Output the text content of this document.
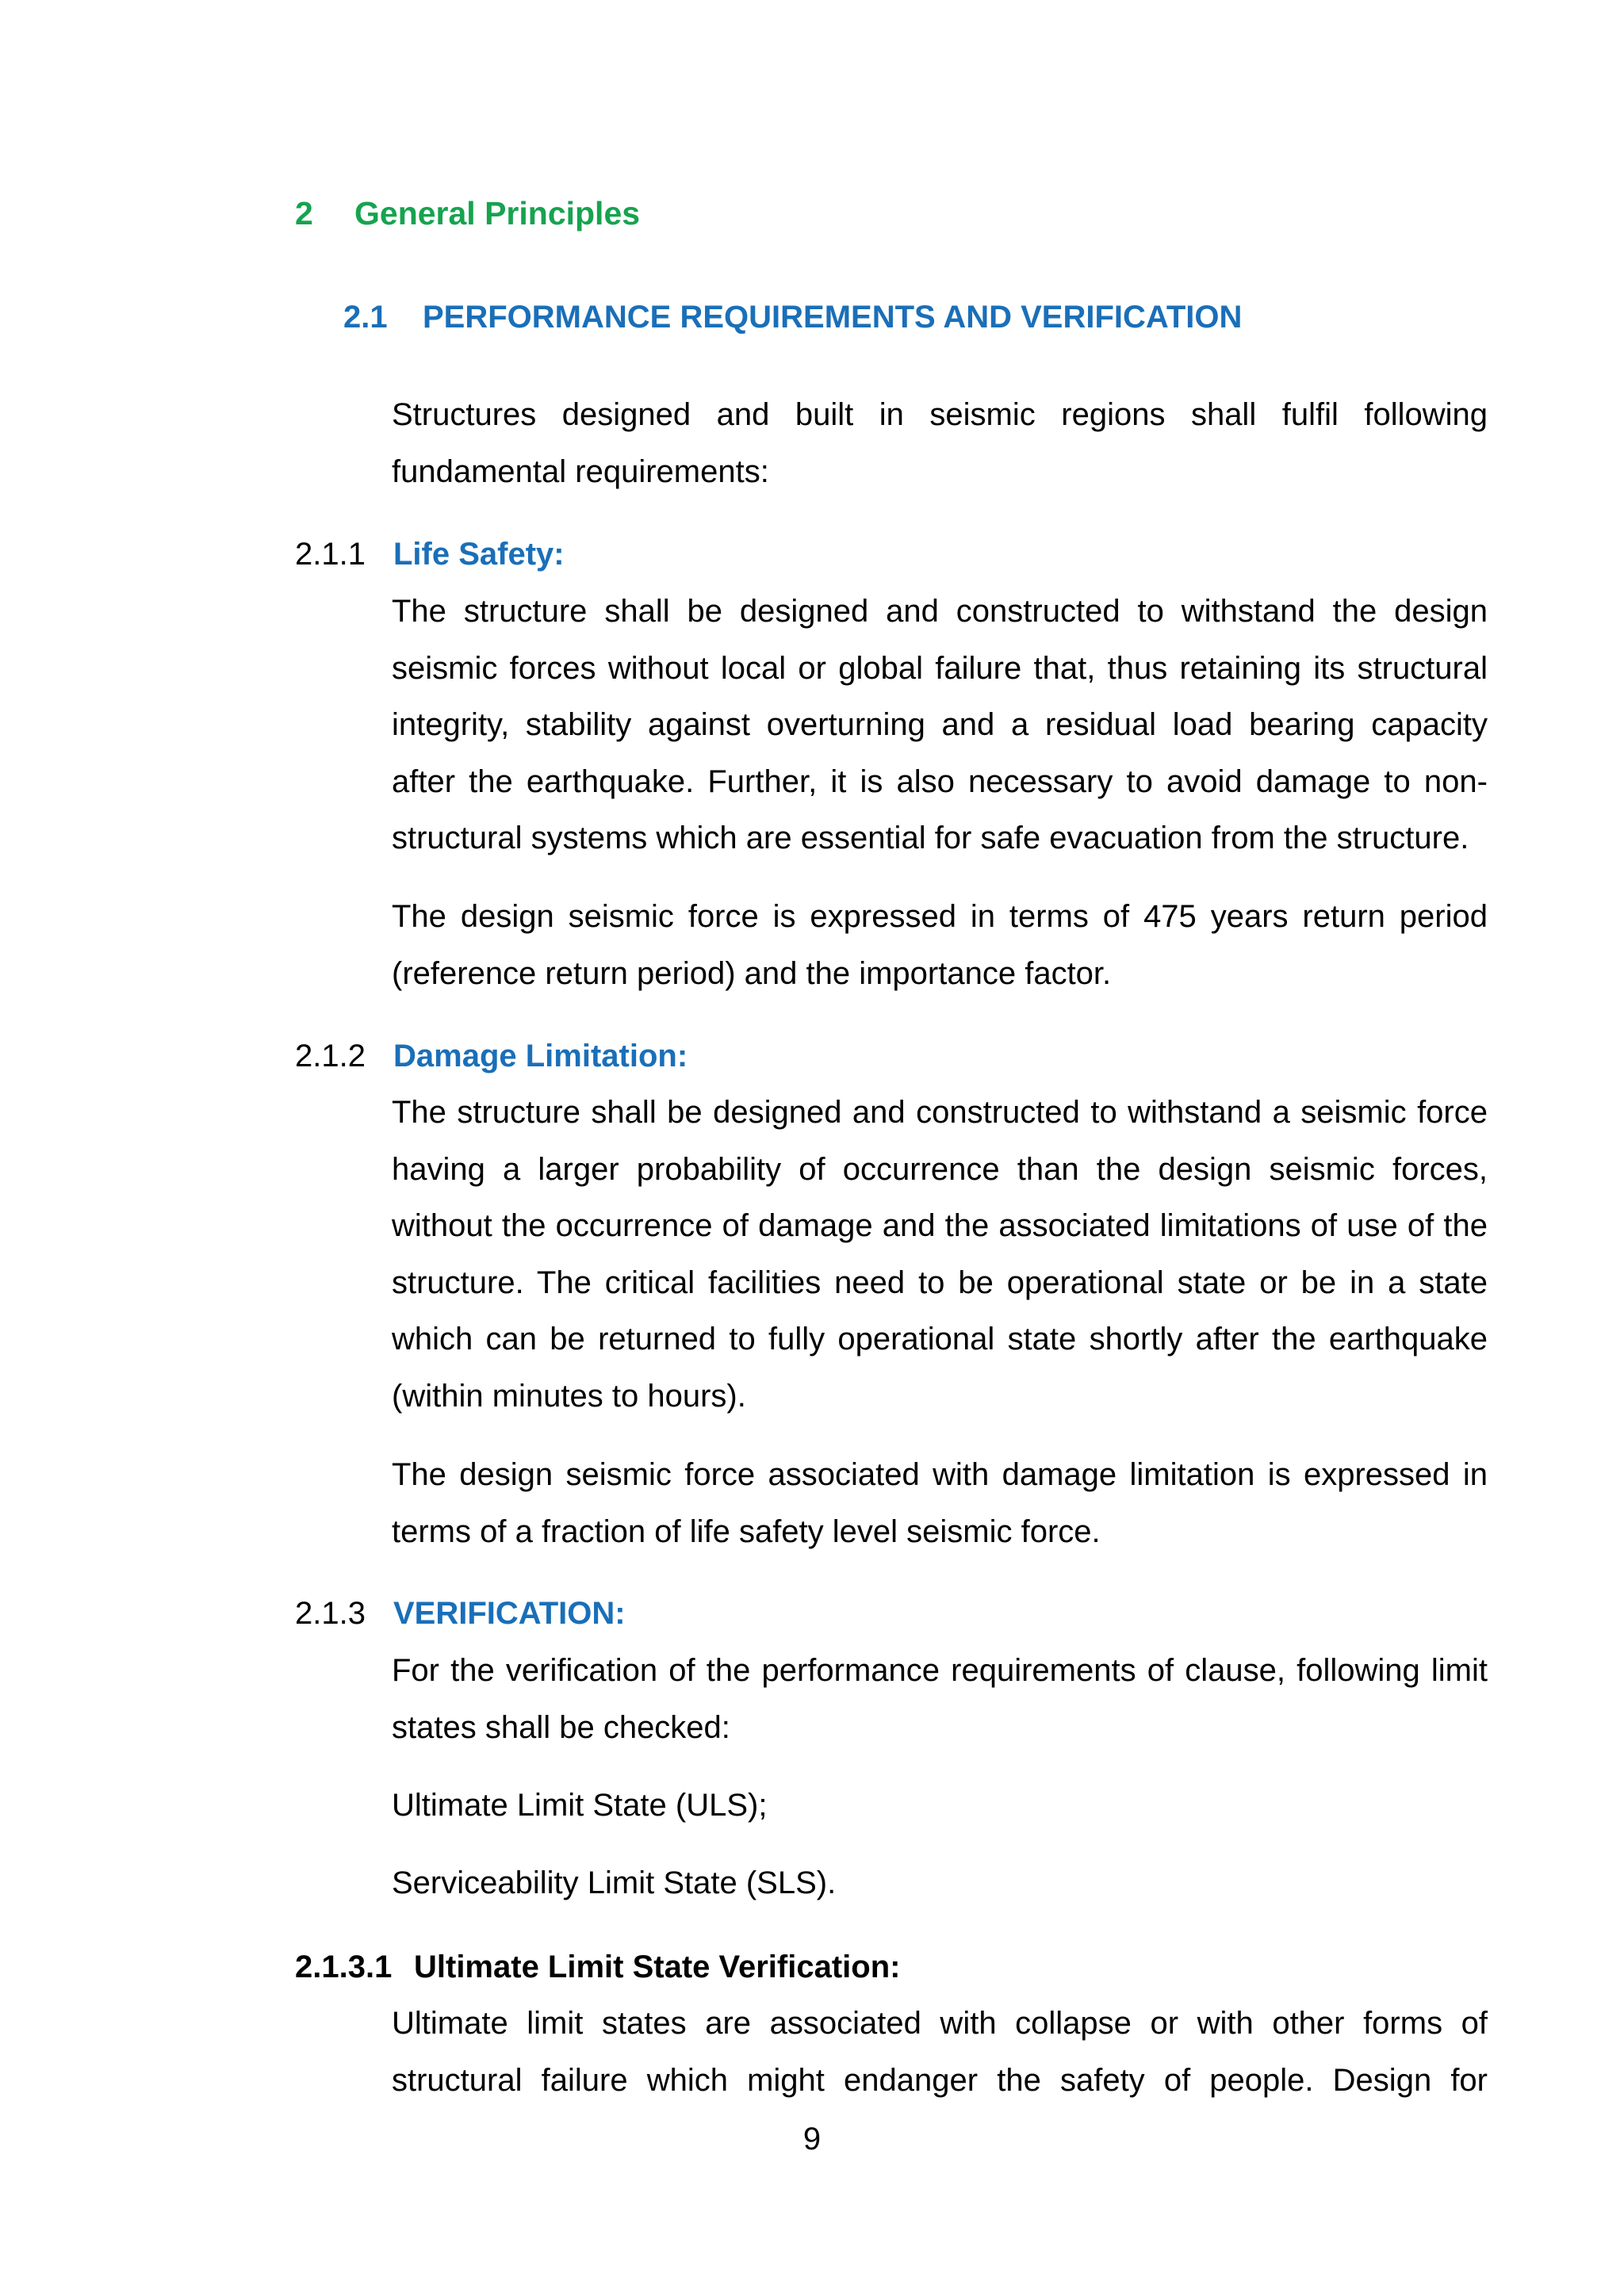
2 General Principles
2.1 PERFORMANCE REQUIREMENTS AND VERIFICATION
Structures designed and built in seismic regions shall fulfil following fundamental requirements:
2.1.1 Life Safety:
The structure shall be designed and constructed to withstand the design seismic forces without local or global failure that, thus retaining its structural integrity, stability against overturning and a residual load bearing capacity after the earthquake. Further, it is also necessary to avoid damage to non-structural systems which are essential for safe evacuation from the structure.
The design seismic force is expressed in terms of 475 years return period (reference return period) and the importance factor.
2.1.2 Damage Limitation:
The structure shall be designed and constructed to withstand a seismic force having a larger probability of occurrence than the design seismic forces, without the occurrence of damage and the associated limitations of use of the structure. The critical facilities need to be operational state or be in a state which can be returned to fully operational state shortly after the earthquake (within minutes to hours).
The design seismic force associated with damage limitation is expressed in terms of a fraction of life safety level seismic force.
2.1.3 VERIFICATION:
For the verification of the performance requirements of clause, following limit states shall be checked:
Ultimate Limit State (ULS);
Serviceability Limit State (SLS).
2.1.3.1 Ultimate Limit State Verification:
Ultimate limit states are associated with collapse or with other forms of structural failure which might endanger the safety of people. Design for
9
